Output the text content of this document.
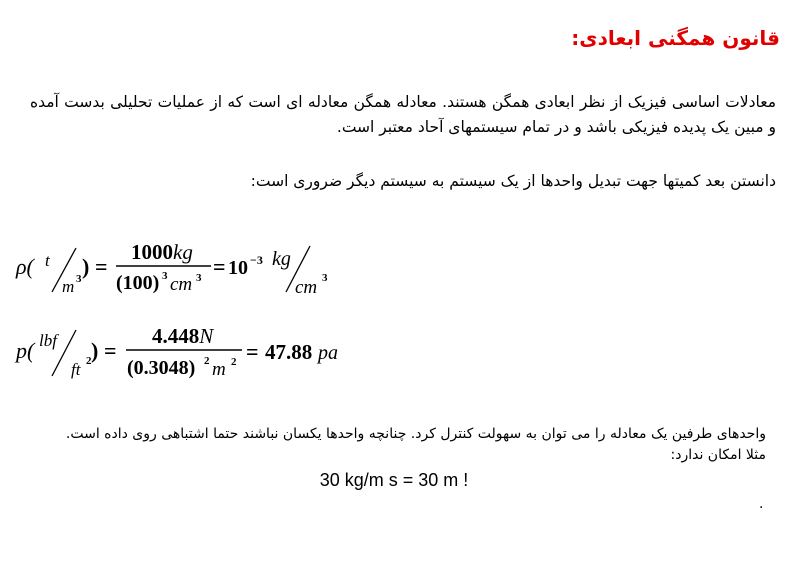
قانون همگنی ابعادی:
معادلات اساسی فیزیک از نظر ابعادی همگن هستند. معادله همگن معادله ای است که از عملیات تحلیلی بدست آمده و مبین یک پدیده فیزیکی باشد و در تمام سیستمهای آحاد معتبر است.
دانستن بعد کمیتها جهت تبدیل واحدها از یک سیستم به سیستم دیگر ضروری است:
ρ( t
m 3 ) =
1000kg
(100) 3 cm 3 = 10 −3 kg
cm 3
p( lbf
ft 2 ) =
4.448N
(0.3048) 2 m 2 = 47.88 pa
واحدهای طرفین یک معادله را می توان به سهولت کنترل کرد. چنانچه واحدها یکسان نباشند حتما اشتباهی روی داده است.
مثلا امکان ندارد:
30 kg/m s = 30 m !
.
